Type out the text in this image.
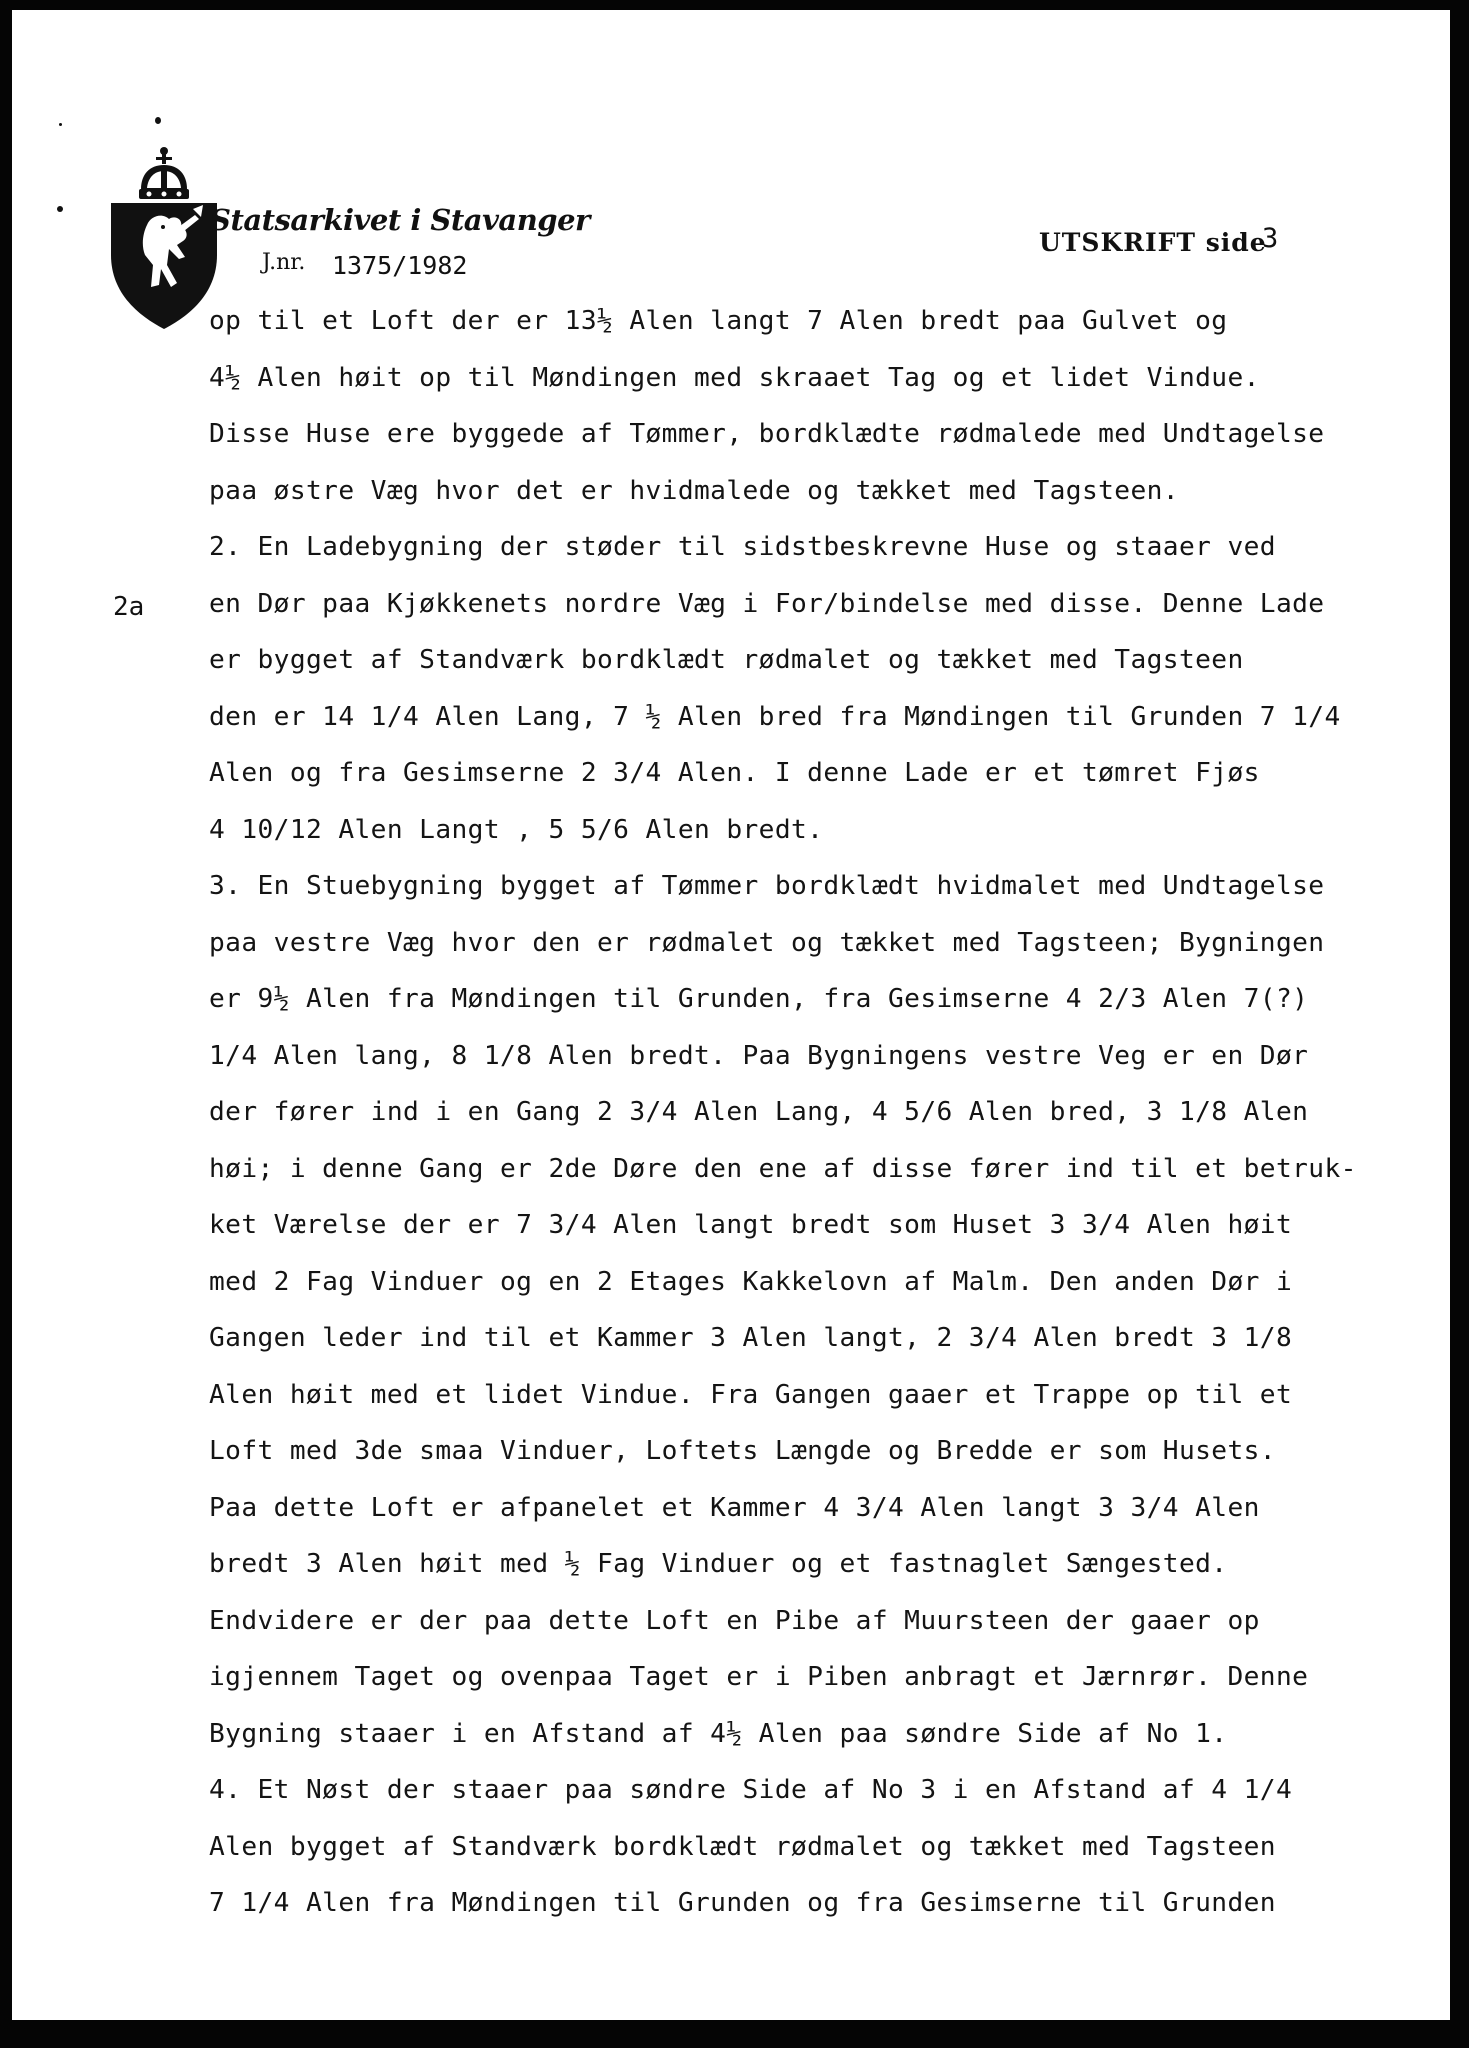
Statsarkivet i Stavanger
J.nr. 1375/1982
UTSKRIFT side
3
2a
op til et Loft der er 13½ Alen langt 7 Alen bredt paa Gulvet og
4½ Alen høit op til Møndingen med skraaet Tag og et lidet Vindue.
Disse Huse ere byggede af Tømmer, bordklædte rødmalede med Undtagelse
paa østre Væg hvor det er hvidmalede og tækket med Tagsteen.
2. En Ladebygning der støder til sidstbeskrevne Huse og staaer ved
en Dør paa Kjøkkenets nordre Væg i For/bindelse med disse. Denne Lade
er bygget af Standværk bordklædt rødmalet og tækket med Tagsteen
den er 14 1/4 Alen Lang, 7 ½ Alen bred fra Møndingen til Grunden 7 1/4
Alen og fra Gesimserne 2 3/4 Alen. I denne Lade er et tømret Fjøs
4 10/12 Alen Langt , 5 5/6 Alen bredt.
3. En Stuebygning bygget af Tømmer bordklædt hvidmalet med Undtagelse
paa vestre Væg hvor den er rødmalet og tækket med Tagsteen; Bygningen
er 9½ Alen fra Møndingen til Grunden, fra Gesimserne 4 2/3 Alen 7(?)
1/4 Alen lang, 8 1/8 Alen bredt. Paa Bygningens vestre Veg er en Dør
der fører ind i en Gang 2 3/4 Alen Lang, 4 5/6 Alen bred, 3 1/8 Alen
høi; i denne Gang er 2de Døre den ene af disse fører ind til et betruk-
ket Værelse der er 7 3/4 Alen langt bredt som Huset 3 3/4 Alen høit
med 2 Fag Vinduer og en 2 Etages Kakkelovn af Malm. Den anden Dør i
Gangen leder ind til et Kammer 3 Alen langt, 2 3/4 Alen bredt 3 1/8
Alen høit med et lidet Vindue. Fra Gangen gaaer et Trappe op til et
Loft med 3de smaa Vinduer, Loftets Længde og Bredde er som Husets.
Paa dette Loft er afpanelet et Kammer 4 3/4 Alen langt 3 3/4 Alen
bredt 3 Alen høit med ½ Fag Vinduer og et fastnaglet Sængested.
Endvidere er der paa dette Loft en Pibe af Muursteen der gaaer op
igjennem Taget og ovenpaa Taget er i Piben anbragt et Jærnrør. Denne
Bygning staaer i en Afstand af 4½ Alen paa søndre Side af No 1.
4. Et Nøst der staaer paa søndre Side af No 3 i en Afstand af 4 1/4
Alen bygget af Standværk bordklædt rødmalet og tækket med Tagsteen
7 1/4 Alen fra Møndingen til Grunden og fra Gesimserne til Grunden
